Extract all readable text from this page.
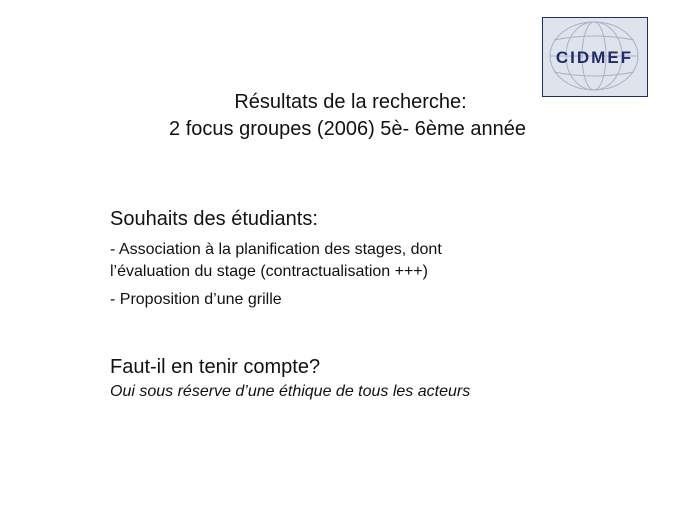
CIDMEF
Résultats de la recherche:
2 focus groupes (2006) 5è- 6ème année
Souhaits des étudiants:
- Association à la planification des stages, dont
l’évaluation du stage (contractualisation +++)
- Proposition d’une grille
Faut-il en tenir compte?
Oui sous réserve d’une éthique de tous les acteurs
